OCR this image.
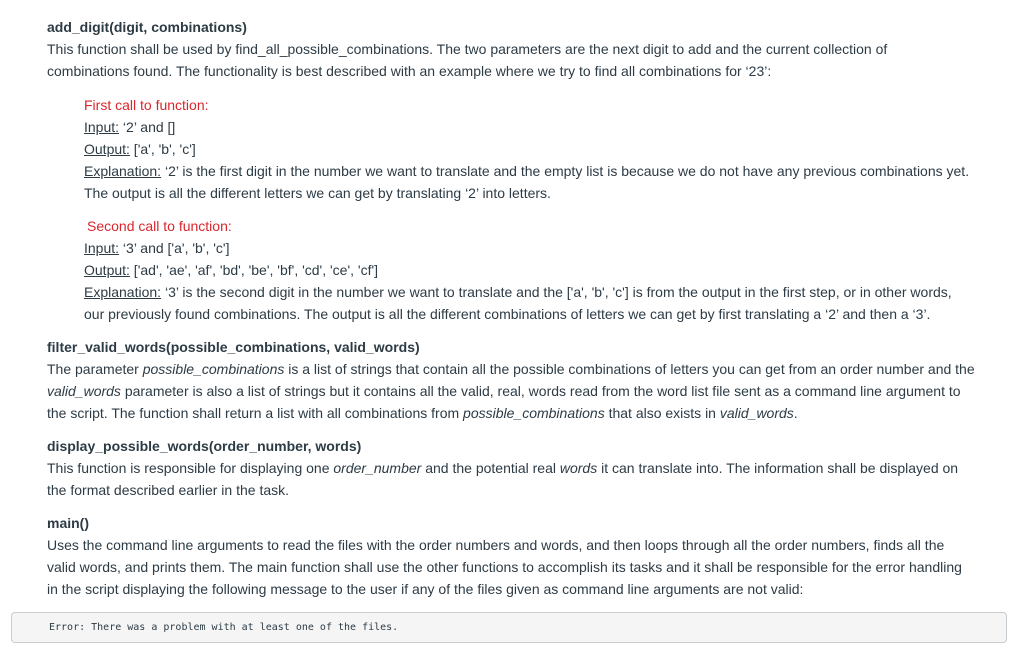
add_digit(digit, combinations)

This function shall be used by find_all_possible_combinations. The two parameters are the next digit to add and the current collection of

combinations found. The functionality is best described with an example where we try to find all combinations for ‘23’:

First call to function:

Input: ‘2’ and []

Output: ['a', 'b', 'c']

Explanation: ‘2’ is the first digit in the number we want to translate and the empty list is because we do not have any previous combinations yet.

The output is all the different letters we can get by translating ‘2’ into letters.

Second call to function:

Input: ‘3’ and ['a', 'b', 'c']

Output: ['ad', 'ae', 'af', 'bd', 'be', 'bf', 'cd', 'ce', 'cf']

Explanation: ‘3’ is the second digit in the number we want to translate and the ['a', 'b', 'c'] is from the output in the first step, or in other words,

our previously found combinations. The output is all the different combinations of letters we can get by first translating a ‘2’ and then a ‘3’.

filter_valid_words(possible_combinations, valid_words)

The parameter possible_combinations is a list of strings that contain all the possible combinations of letters you can get from an order number and the

valid_words parameter is also a list of strings but it contains all the valid, real, words read from the word list file sent as a command line argument to

the script. The function shall return a list with all combinations from possible_combinations that also exists in valid_words.

display_possible_words(order_number, words)

This function is responsible for displaying one order_number and the potential real words it can translate into. The information shall be displayed on

the format described earlier in the task.

main()

Uses the command line arguments to read the files with the order numbers and words, and then loops through all the order numbers, finds all the

valid words, and prints them. The main function shall use the other functions to accomplish its tasks and it shall be responsible for the error handling

in the script displaying the following message to the user if any of the files given as command line arguments are not valid:

Error: There was a problem with at least one of the files.
